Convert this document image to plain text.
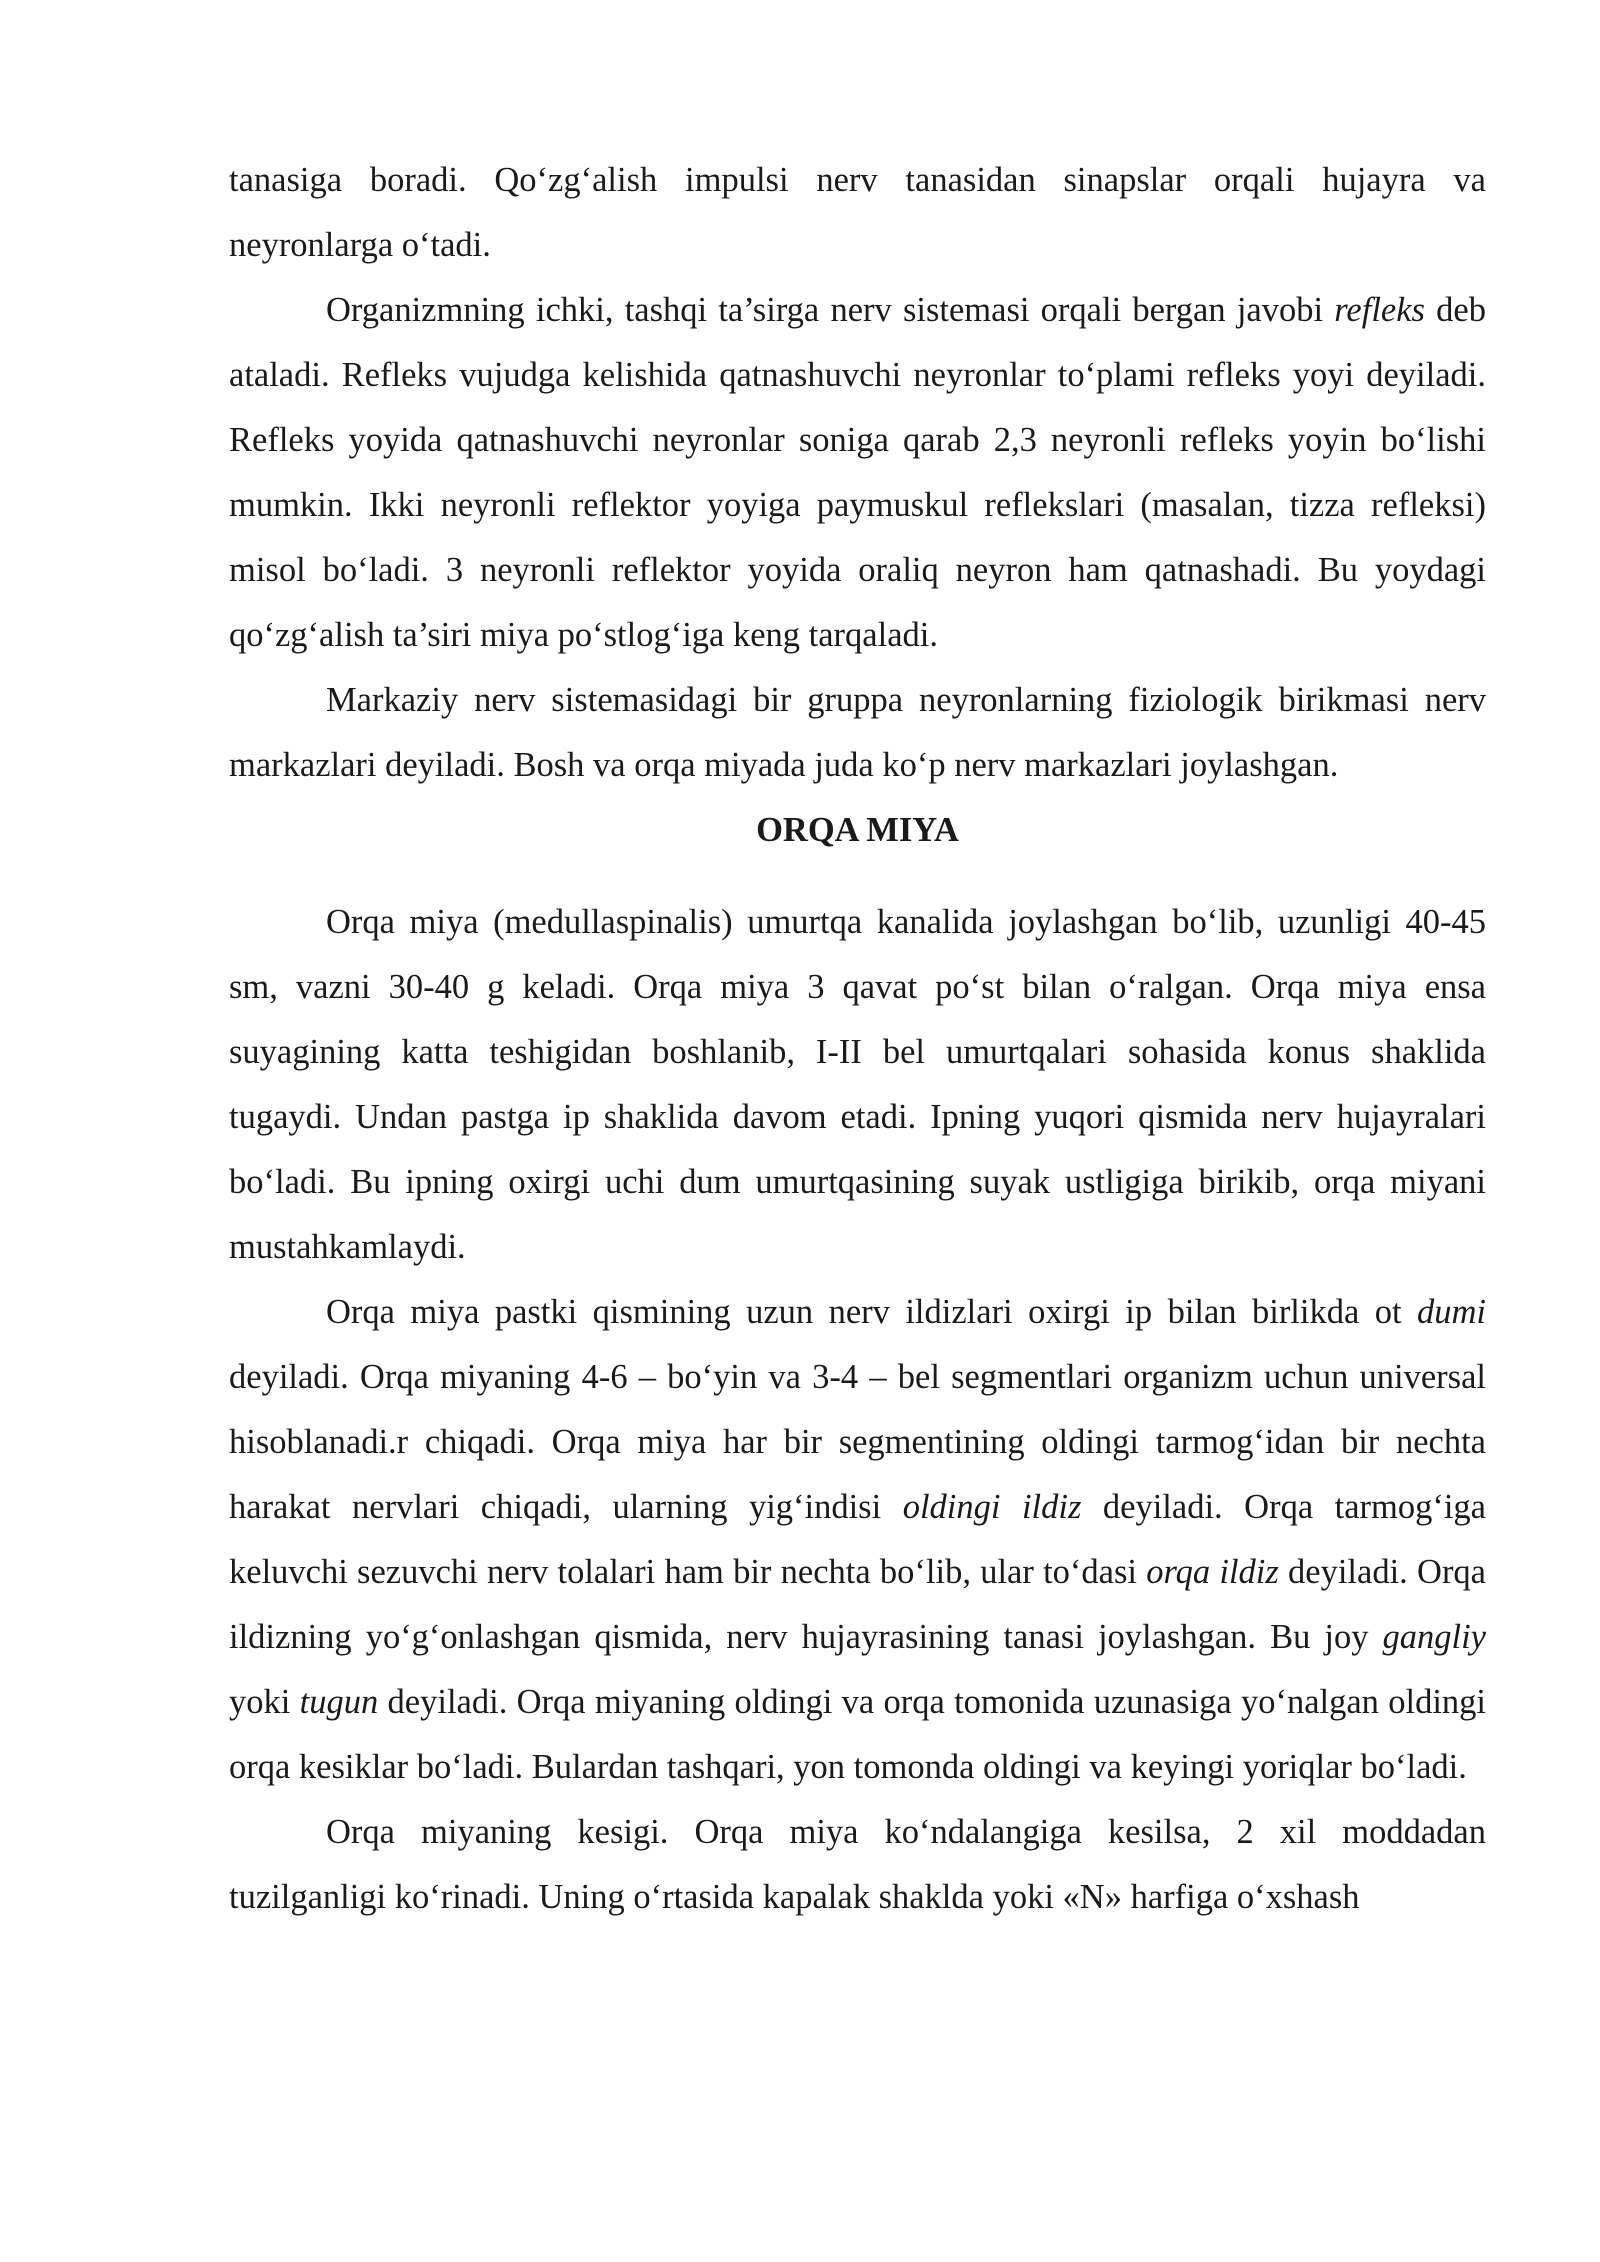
tanasiga boradi. Qo‘zg‘alish impulsi nerv tanasidan sinapslar orqali hujayra va neyronlarga o‘tadi.

Organizmning ichki, tashqi ta’sirga nerv sistemasi orqali bergan javobi refleks deb ataladi. Refleks vujudga kelishida qatnashuvchi neyronlar to‘plami refleks yoyi deyiladi. Refleks yoyida qatnashuvchi neyronlar soniga qarab 2,3 neyronli refleks yoyin bo‘lishi mumkin. Ikki neyronli reflektor yoyiga paymuskul reflekslari (masalan, tizza refleksi) misol bo‘ladi. 3 neyronli reflektor yoyida oraliq neyron ham qatnashadi. Bu yoydagi qo‘zg‘alish ta’siri miya po‘stlog‘iga keng tarqaladi.

Markaziy nerv sistemasidagi bir gruppa neyronlarning fiziologik birikmasi nerv markazlari deyiladi. Bosh va orqa miyada juda ko‘p nerv markazlari joylashgan.

ORQA MIYA

Orqa miya (medullaspinalis) umurtqa kanalida joylashgan bo‘lib, uzunligi 40-45 sm, vazni 30-40 g keladi. Orqa miya 3 qavat po‘st bilan o‘ralgan. Orqa miya ensa suyagining katta teshigidan boshlanib, I-II bel umurtqalari sohasida konus shaklida tugaydi. Undan pastga ip shaklida davom etadi. Ipning yuqori qismida nerv hujayralari bo‘ladi. Bu ipning oxirgi uchi dum umurtqasining suyak ustligiga birikib, orqa miyani mustahkamlaydi.

Orqa miya pastki qismining uzun nerv ildizlari oxirgi ip bilan birlikda ot dumi deyiladi. Orqa miyaning 4-6 – bo‘yin va 3-4 – bel segmentlari organizm uchun universal hisoblanadi.r chiqadi. Orqa miya har bir segmentining oldingi tarmog‘idan bir nechta harakat nervlari chiqadi, ularning yig‘indisi oldingi ildiz deyiladi. Orqa tarmog‘iga keluvchi sezuvchi nerv tolalari ham bir nechta bo‘lib, ular to‘dasi orqa ildiz deyiladi. Orqa ildizning yo‘g‘onlashgan qismida, nerv hujayrasining tanasi joylashgan. Bu joy gangliy yoki tugun deyiladi. Orqa miyaning oldingi va orqa tomonida uzunasiga yo‘nalgan oldingi orqa kesiklar bo‘ladi. Bulardan tashqari, yon tomonda oldingi va keyingi yoriqlar bo‘ladi.

Orqa miyaning kesigi. Orqa miya ko‘ndalangiga kesilsa, 2 xil moddadan tuzilganligi ko‘rinadi. Uning o‘rtasida kapalak shaklda yoki «N» harfiga o‘xshash
